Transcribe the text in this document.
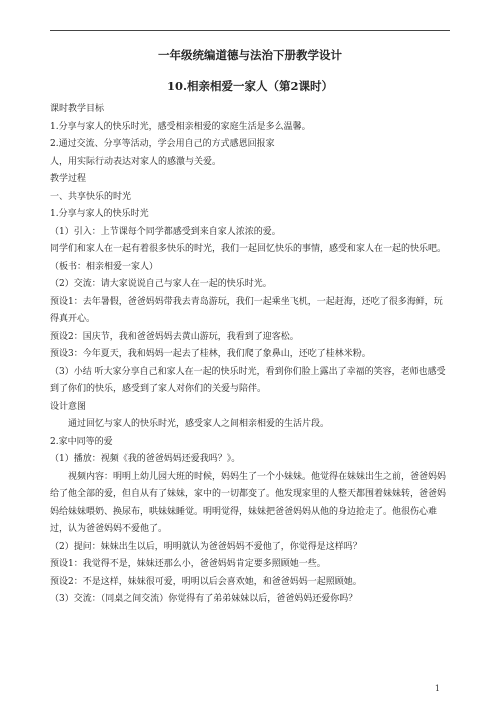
一年级统编道德与法治下册教学设计

10.相亲相爱一家人（第2课时）

课时教学目标

1.分享与家人的快乐时光，感受相亲相爱的家庭生活是多么温馨。

2.通过交流、分享等活动，学会用自己的方式感恩回报家

人，用实际行动表达对家人的感激与关爱。

教学过程

一、共享快乐的时光

1.分享与家人的快乐时光

（1）引入：上节课每个同学都感受到来自家人浓浓的爱。

同学们和家人在一起有着很多快乐的时光，我们一起回忆快乐的事情，感受和家人在一起的快乐吧。（板书：相亲相爱一家人）

（2）交流：请大家说说自己与家人在一起的快乐时光。

预设1：去年暑假，爸爸妈妈带我去青岛游玩，我们一起乘坐飞机，一起赶海，还吃了很多海鲜，玩得真开心。

预设2：国庆节，我和爸爸妈妈去黄山游玩，我看到了迎客松。

预设3：今年夏天，我和妈妈一起去了桂林，我们爬了象鼻山，还吃了桂林米粉。

（3）小结 听大家分享自己和家人在一起的快乐时光，看到你们脸上露出了幸福的笑容，老师也感受到了你们的快乐，感受到了家人对你们的关爱与陪伴。

设计意图

通过回忆与家人的快乐时光，感受家人之间相亲相爱的生活片段。

2.家中同等的爱

（1）播放：视频《我的爸爸妈妈还爱我吗？》。

视频内容：明明上幼儿园大班的时候，妈妈生了一个小妹妹。他觉得在妹妹出生之前，爸爸妈妈给了他全部的爱，但自从有了妹妹，家中的一切都变了。他发现家里的人整天都围着妹妹转，爸爸妈妈给妹妹喂奶、换尿布，哄妹妹睡觉。明明觉得，妹妹把爸爸妈妈从他的身边抢走了。他很伤心难过，认为爸爸妈妈不爱他了。

（2）提问：妹妹出生以后，明明就认为爸爸妈妈不爱他了，你觉得是这样吗？

预设1：我觉得不是，妹妹还那么小，爸爸妈妈肯定要多照顾她一些。

预设2：不是这样，妹妹很可爱，明明以后会喜欢她，和爸爸妈妈一起照顾她。

（3）交流：（同桌之间交流）你觉得有了弟弟妹妹以后，爸爸妈妈还爱你吗？

1
